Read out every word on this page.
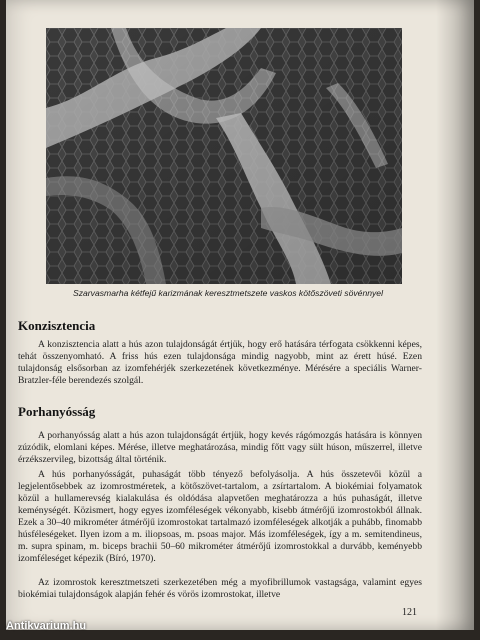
Szarvasmarha kétfejű karizmának keresztmetszete vaskos kötőszöveti sövénnyel
Konzisztencia

A konzisztencia alatt a hús azon tulajdonságát értjük, hogy erő hatására térfogata csökkenni képes, tehát összenyomható. A friss hús ezen tulajdonsága mindig nagyobb, mint az érett húsé. Ezen tulajdonság elsősorban az izomfehérjék szerkezetének következménye. Mérésére a speciális Warner-Bratzler-féle berendezés szolgál.

Porhanyósság

A porhanyósság alatt a hús azon tulajdonságát értjük, hogy kevés rágómozgás hatására is könnyen zúzódik, elomlani képes. Mérése, illetve meghatározása, mindig főtt vagy sült húson, műszerrel, illetve érzékszervileg, bizottság által történik.

A hús porhanyósságát, puhaságát több tényező befolyásolja. A hús összetevői közül a legjelentősebbek az izomrostméretek, a kötőszövet-tartalom, a zsírtartalom. A biokémiai folyamatok közül a hullamerevség kialakulása és oldódása alapvetően meghatározza a hús puhaságát, illetve keménységét. Közismert, hogy egyes izomféleségek vékonyabb, kisebb átmérőjű izomrostokból állnak. Ezek a 30–40 mikrométer átmérőjű izomrostokat tartalmazó izomféleségek alkotják a puhább, finomabb húsféleségeket. Ilyen izom a m. iliopsoas, m. psoas major. Más izomféleségek, így a m. semitendineus, m. supra spinam, m. biceps brachii 50–60 mikrométer átmérőjű izomrostokkal a durvább, keményebb izomféleséget képezik (Bíró, 1970).

Az izomrostok keresztmetszeti szerkezetében még a myofibrillumok vastagsága, valamint egyes biokémiai tulajdonságok alapján fehér és vörös izomrostokat, illetve

121
Antikvarium.hu
